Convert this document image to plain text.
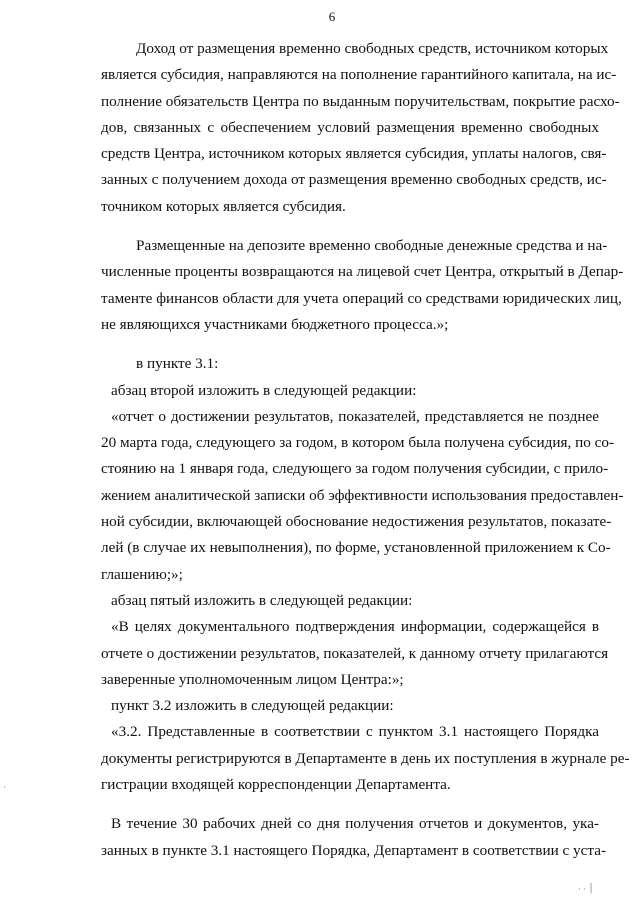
6
Доход от размещения временно свободных средств, источником которых
является субсидия, направляются на пополнение гарантийного капитала, на ис-
полнение обязательств Центра по выданным поручительствам, покрытие расхо-
дов, связанных с обеспечением условий размещения временно свободных
средств Центра, источником которых является субсидия, уплаты налогов, свя-
занных с получением дохода от размещения временно свободных средств, ис-
точником которых является субсидия.
Размещенные на депозите временно свободные денежные средства и на-
численные проценты возвращаются на лицевой счет Центра, открытый в Депар-
таменте финансов области для учета операций со средствами юридических лиц,
не являющихся участниками бюджетного процесса.»;
в пункте 3.1:
абзац второй изложить в следующей редакции:
«отчет о достижении результатов, показателей, представляется не позднее
20 марта года, следующего за годом, в котором была получена субсидия, по со-
стоянию на 1 января года, следующего за годом получения субсидии, с прило-
жением аналитической записки об эффективности использования предоставлен-
ной субсидии, включающей обоснование недостижения результатов, показате-
лей (в случае их невыполнения), по форме, установленной приложением к Со-
глашению;»;
абзац пятый изложить в следующей редакции:
«В целях документального подтверждения информации, содержащейся в
отчете о достижении результатов, показателей, к данному отчету прилагаются
заверенные уполномоченным лицом Центра:»;
пункт 3.2 изложить в следующей редакции:
«3.2. Представленные в соответствии с пунктом 3.1 настоящего Порядка
документы регистрируются в Департаменте в день их поступления в журнале ре-
гистрации входящей корреспонденции Департамента.
В течение 30 рабочих дней со дня получения отчетов и документов, ука-
занных в пункте 3.1 настоящего Порядка, Департамент в соответствии с уста-
·
· · ׀
